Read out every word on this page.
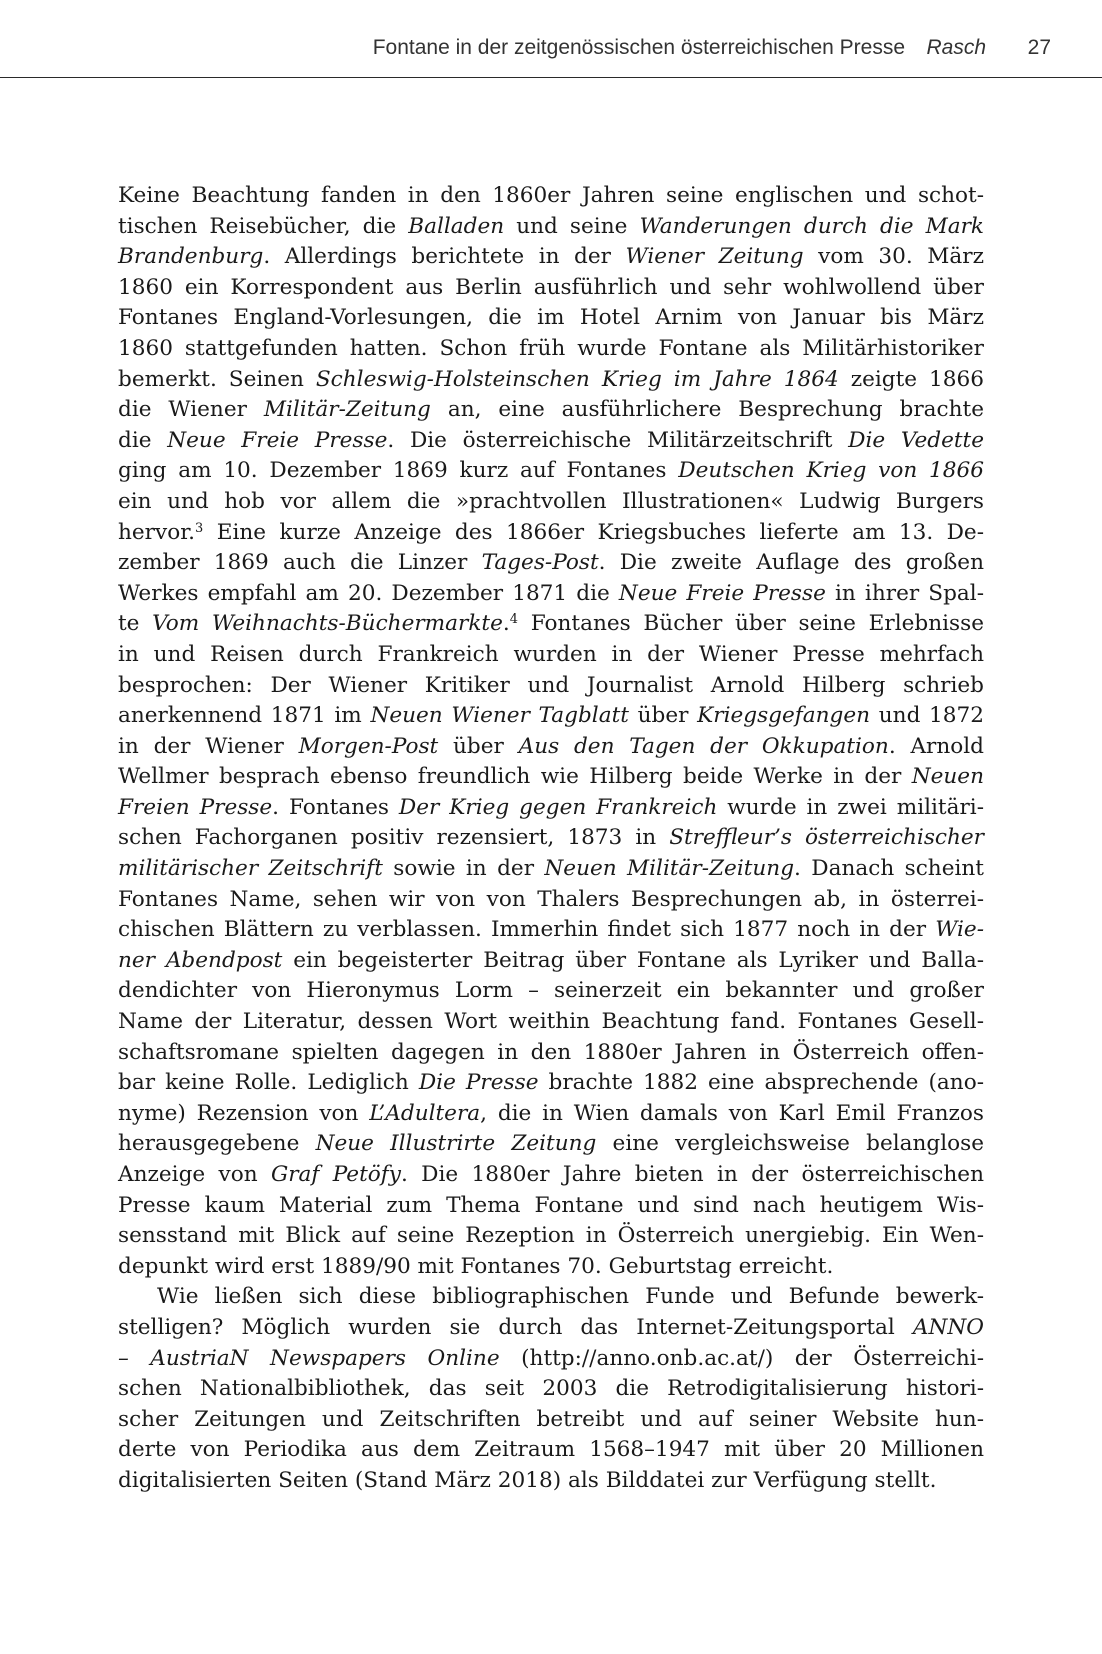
Fontane in der zeitgenössischen österreichischen Presse Rasch 27

Keine Beachtung fanden in den 1860er Jahren seine englischen und schot-
tischen Reisebücher, die Balladen und seine Wanderungen durch die Mark
Brandenburg. Allerdings berichtete in der Wiener Zeitung vom 30. März
1860 ein Korrespondent aus Berlin ausführlich und sehr wohlwollend über
Fontanes England-Vorlesungen, die im Hotel Arnim von Januar bis März
1860 stattgefunden hatten. Schon früh wurde Fontane als Militärhistoriker
bemerkt. Seinen Schleswig-Holsteinschen Krieg im Jahre 1864 zeigte 1866
die Wiener Militär-Zeitung an, eine ausführlichere Besprechung brachte
die Neue Freie Presse. Die österreichische Militärzeitschrift Die Vedette
ging am 10. Dezember 1869 kurz auf Fontanes Deutschen Krieg von 1866
ein und hob vor allem die »prachtvollen Illustrationen« Ludwig Burgers
hervor.$^3$ Eine kurze Anzeige des 1866er Kriegsbuches lieferte am 13. De-
zember 1869 auch die Linzer Tages-Post. Die zweite Auflage des großen
Werkes empfahl am 20. Dezember 1871 die Neue Freie Presse in ihrer Spal-
te Vom Weihnachts-Büchermarkte.$^4$ Fontanes Bücher über seine Erlebnisse
in und Reisen durch Frankreich wurden in der Wiener Presse mehrfach
besprochen: Der Wiener Kritiker und Journalist Arnold Hilberg schrieb
anerkennend 1871 im Neuen Wiener Tagblatt über Kriegsgefangen und 1872
in der Wiener Morgen-Post über Aus den Tagen der Okkupation. Arnold
Wellmer besprach ebenso freundlich wie Hilberg beide Werke in der Neuen
Freien Presse. Fontanes Der Krieg gegen Frankreich wurde in zwei militäri-
schen Fachorganen positiv rezensiert, 1873 in Streffleur’s österreichischer
militärischer Zeitschrift sowie in der Neuen Militär-Zeitung. Danach scheint
Fontanes Name, sehen wir von von Thalers Besprechungen ab, in österrei-
chischen Blättern zu verblassen. Immerhin findet sich 1877 noch in der Wie-
ner Abendpost ein begeisterter Beitrag über Fontane als Lyriker und Balla-
dendichter von Hieronymus Lorm – seinerzeit ein bekannter und großer
Name der Literatur, dessen Wort weithin Beachtung fand. Fontanes Gesell-
schaftsromane spielten dagegen in den 1880er Jahren in Österreich offen-
bar keine Rolle. Lediglich Die Presse brachte 1882 eine absprechende (ano-
nyme) Rezension von L’Adultera, die in Wien damals von Karl Emil Franzos
herausgegebene Neue Illustrirte Zeitung eine vergleichsweise belanglose
Anzeige von Graf Petöfy. Die 1880er Jahre bieten in der österreichischen
Presse kaum Material zum Thema Fontane und sind nach heutigem Wis-
sensstand mit Blick auf seine Rezeption in Österreich unergiebig. Ein Wen-
depunkt wird erst 1889/90 mit Fontanes 70. Geburtstag erreicht.

Wie ließen sich diese bibliographischen Funde und Befunde bewerk-
stelligen? Möglich wurden sie durch das Internet-Zeitungsportal ANNO
– AustriaN Newspapers Online (http://anno.onb.ac.at/) der Österreichi-
schen Nationalbibliothek, das seit 2003 die Retrodigitalisierung histori-
scher Zeitungen und Zeitschriften betreibt und auf seiner Website hun-
derte von Periodika aus dem Zeitraum 1568–1947 mit über 20 Millionen
digitalisierten Seiten (Stand März 2018) als Bilddatei zur Verfügung stellt.
